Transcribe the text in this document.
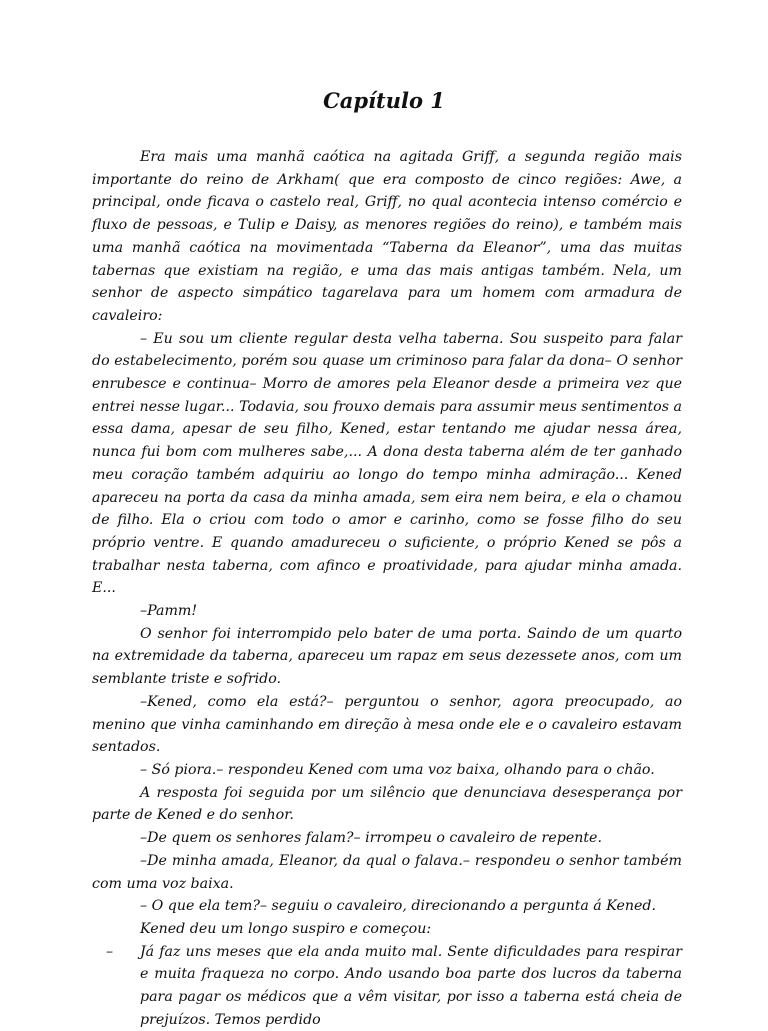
Capítulo 1

Era mais uma manhã caótica na agitada Griff, a segunda região mais importante do reino de Arkham( que era composto de cinco regiões: Awe, a principal, onde ficava o castelo real, Griff, no qual acontecia intenso comércio e fluxo de pessoas, e Tulip e Daisy, as menores regiões do reino), e também mais uma manhã caótica na movimentada “Taberna da Eleanor”, uma das muitas tabernas que existiam na região, e uma das mais antigas também. Nela, um senhor de aspecto simpático tagarelava para um homem com armadura de cavaleiro:

– Eu sou um cliente regular desta velha taberna. Sou suspeito para falar do estabelecimento, porém sou quase um criminoso para falar da dona– O senhor enrubesce e continua– Morro de amores pela Eleanor desde a primeira vez que entrei nesse lugar... Todavia, sou frouxo demais para assumir meus sentimentos a essa dama, apesar de seu filho, Kened, estar tentando me ajudar nessa área, nunca fui bom com mulheres sabe,... A dona desta taberna além de ter ganhado meu coração também adquiriu ao longo do tempo minha admiração... Kened apareceu na porta da casa da minha amada, sem eira nem beira, e ela o chamou de filho. Ela o criou com todo o amor e carinho, como se fosse filho do seu próprio ventre. E quando amadureceu o suficiente, o próprio Kened se pôs a trabalhar nesta taberna, com afinco e proatividade, para ajudar minha amada. E...

–Pamm!

O senhor foi interrompido pelo bater de uma porta. Saindo de um quarto na extremidade da taberna, apareceu um rapaz em seus dezessete anos, com um semblante triste e sofrido.

–Kened, como ela está?– perguntou o senhor, agora preocupado, ao menino que vinha caminhando em direção à mesa onde ele e o cavaleiro estavam sentados.

– Só piora.– respondeu Kened com uma voz baixa, olhando para o chão.

A resposta foi seguida por um silêncio que denunciava desesperança por parte de Kened e do senhor.

–De quem os senhores falam?– irrompeu o cavaleiro de repente.

–De minha amada, Eleanor, da qual o falava.– respondeu o senhor também com uma voz baixa.

– O que ela tem?– seguiu o cavaleiro, direcionando a pergunta á Kened.

Kened deu um longo suspiro e começou:

– Já faz uns meses que ela anda muito mal. Sente dificuldades para respirar e muita fraqueza no corpo. Ando usando boa parte dos lucros da taberna para pagar os médicos que a vêm visitar, por isso a taberna está cheia de prejuízos. Temos perdido
